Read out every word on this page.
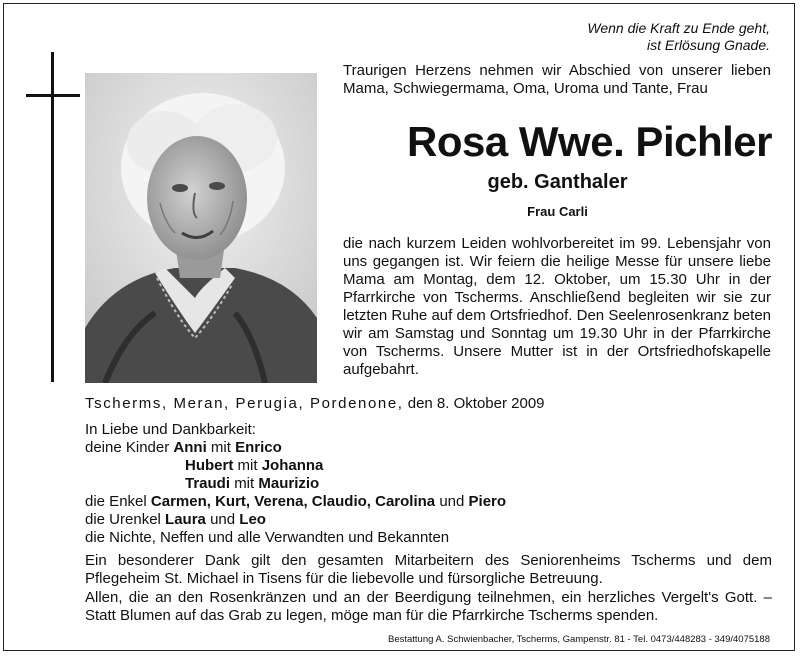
Wenn die Kraft zu Ende geht,
ist Erlösung Gnade.
Traurigen Herzens nehmen wir Abschied von unserer lieben Mama, Schwiegermama, Oma, Uroma und Tante, Frau
Rosa Wwe. Pichler
geb. Ganthaler
Frau Carli
die nach kurzem Leiden wohlvorbereitet im 99. Lebensjahr von uns gegangen ist. Wir feiern die heilige Messe für unsere liebe Mama am Montag, dem 12. Oktober, um 15.30 Uhr in der Pfarrkirche von Tscherms. Anschließend begleiten wir sie zur letzten Ruhe auf dem Ortsfriedhof. Den Seelenrosenkranz beten wir am Samstag und Sonntag um 19.30 Uhr in der Pfarrkirche von Tscherms. Unsere Mutter ist in der Ortsfriedhofskapelle aufgebahrt.
Tscherms, Meran, Perugia, Pordenone, den 8. Oktober 2009
In Liebe und Dankbarkeit:
deine Kinder Anni mit Enrico
Hubert mit Johanna
Traudi mit Maurizio
die Enkel Carmen, Kurt, Verena, Claudio, Carolina und Piero
die Urenkel Laura und Leo
die Nichte, Neffen und alle Verwandten und Bekannten
Ein besonderer Dank gilt den gesamten Mitarbeitern des Seniorenheims Tscherms und dem Pflegeheim St. Michael in Tisens für die liebevolle und fürsorgliche Betreuung.
Allen, die an den Rosenkränzen und an der Beerdigung teilnehmen, ein herzliches Vergelt's Gott. – Statt Blumen auf das Grab zu legen, möge man für die Pfarrkirche Tscherms spenden.
Bestattung A. Schwienbacher, Tscherms, Gampenstr. 81 - Tel. 0473/448283 - 349/4075188
